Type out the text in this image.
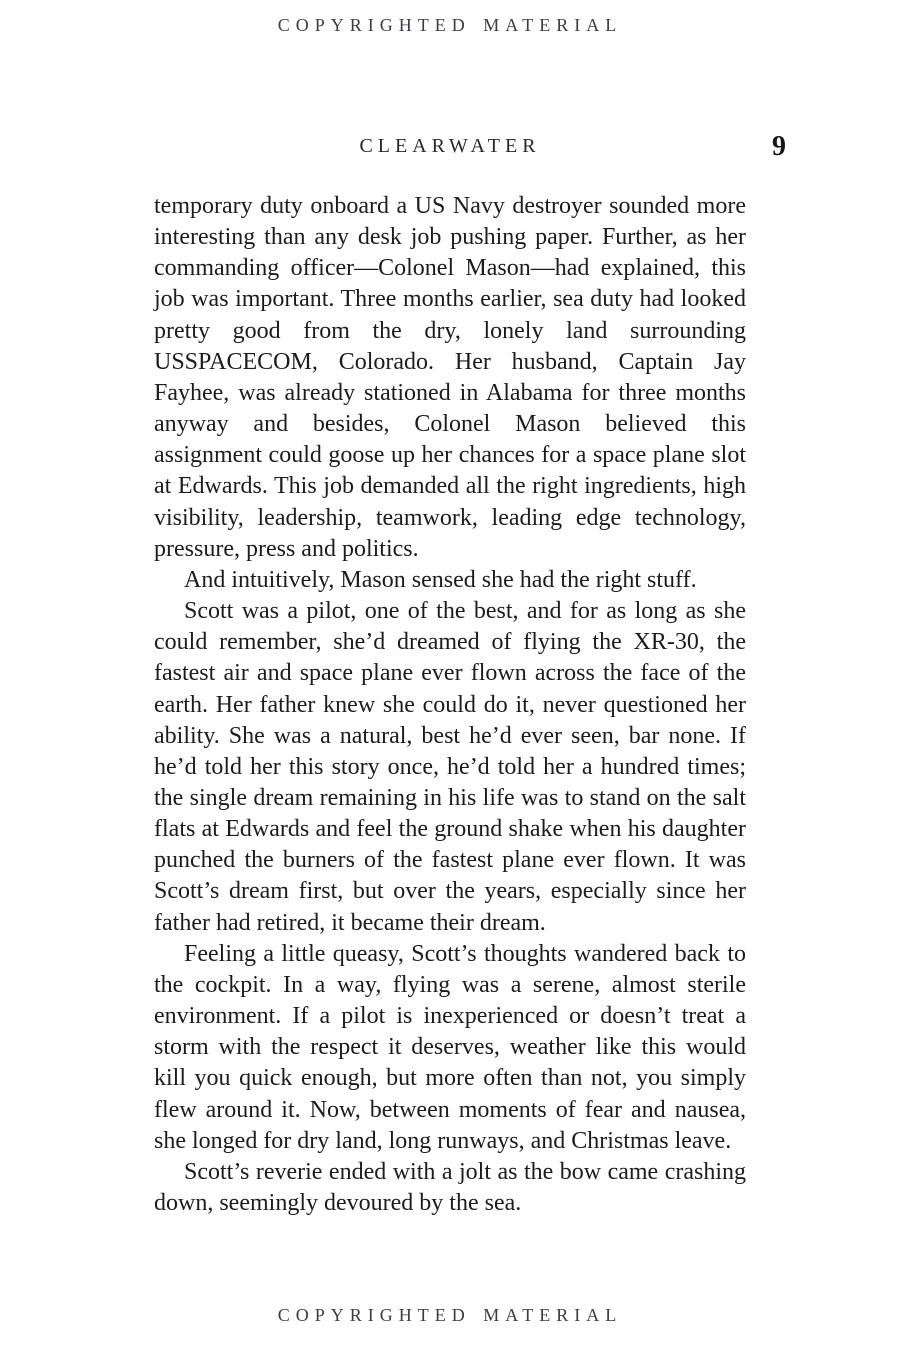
copyrighted material
CLEARWATER	9

temporary duty onboard a US Navy destroyer sounded more interesting than any desk job pushing paper. Further, as her commanding officer—Colonel Mason—had explained, this job was important. Three months earlier, sea duty had looked pretty good from the dry, lonely land surrounding USSPACECOM, Colorado. Her husband, Captain Jay Fayhee, was already stationed in Alabama for three months anyway and besides, Colonel Mason believed this assignment could goose up her chances for a space plane slot at Edwards. This job demanded all the right ingredients, high visibility, leadership, teamwork, leading edge technology, pressure, press and politics.

And intuitively, Mason sensed she had the right stuff.

Scott was a pilot, one of the best, and for as long as she could remember, she’d dreamed of flying the XR-30, the fastest air and space plane ever flown across the face of the earth. Her father knew she could do it, never questioned her ability. She was a natural, best he’d ever seen, bar none. If he’d told her this story once, he’d told her a hundred times; the single dream remaining in his life was to stand on the salt flats at Edwards and feel the ground shake when his daughter punched the burners of the fastest plane ever flown. It was Scott’s dream first, but over the years, especially since her father had retired, it became their dream.

Feeling a little queasy, Scott’s thoughts wandered back to the cockpit. In a way, flying was a serene, almost sterile environment. If a pilot is inexperienced or doesn’t treat a storm with the respect it deserves, weather like this would kill you quick enough, but more often than not, you simply flew around it. Now, between moments of fear and nausea, she longed for dry land, long runways, and Christmas leave.

Scott’s reverie ended with a jolt as the bow came crashing down, seemingly devoured by the sea.

copyrighted material
